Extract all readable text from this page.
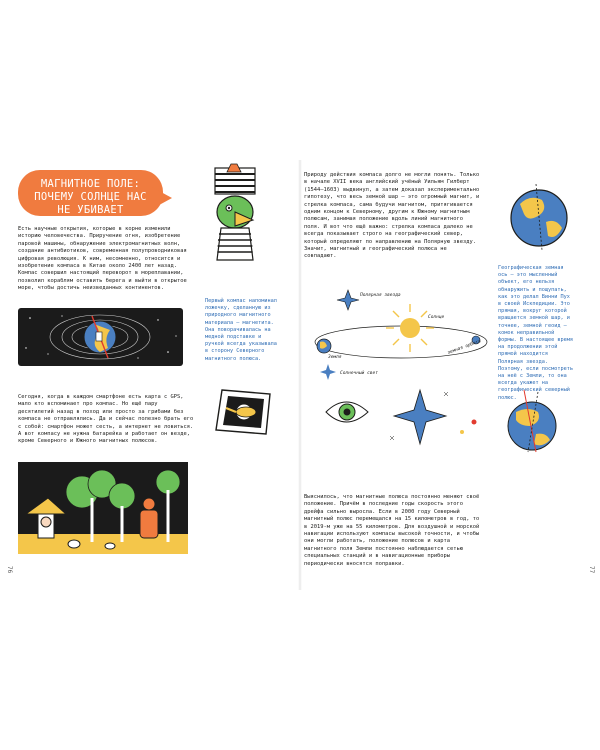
МАГНИТНОЕ ПОЛЕ: ПОЧЕМУ СОЛНЦЕ НАС НЕ УБИВАЕТ
Есть научные открытия, которые в корне изменили историю человечества. Приручение огня, изобретение паровой машины, обнаружение электромагнитных волн, создание антибиотиков, современная полупроводниковая цифровая революция. К ним, несомненно, относится и изобретение компаса в Китае около 2400 лет назад. Компас совершил настоящий переворот в мореплавании, позволил кораблям оставить берега и выйти в открытое море, чтобы достичь неизведанных континентов.
Первый компас напоминал ложечку, сделанную из природного магнитного материала — магнетита. Она поворачивалась на медной подставке и ручкой всегда указывала в сторону Северного магнитного полюса.
Сегодня, когда в каждом смартфоне есть карта с GPS, мало кто вспоминает про компас. Но ещё пару десятилетий назад в поход или просто за грибами без компаса не отправлялись. Да и сейчас полезно брать его с собой: смартфон может сесть, а интернет не ловиться. А вот компасу не нужна батарейка и работает он везде, кроме Северного и Южного магнитных полюсов.
76
Природу действия компаса долго не могли понять. Только в начале XVII века английский учёный Уильям Гилберт (1544–1603) выдвинул, а затем доказал экспериментально гипотезу, что весь земной шар — это огромный магнит, и стрелка компаса, сама будучи магнитом, притягивается одним концом к Северному, другим к Южному магнитным полюсам, занимая положение вдоль линий магнитного поля. И вот что ещё важно: стрелка компаса далеко не всегда показывает строго на географический север, который определяют по направлению на Полярную звезду. Значит, магнитный и географический полюса не совпадают.
Географическая земная ось — это мысленный объект, его нельзя обнаружить и пощупать, как это делал Винни Пух в своей Искпедиции. Это прямая, вокруг которой вращается земной шар, и точнее, земной геоид — комок неправильной формы. В настоящее время на продолжении этой прямой находится Полярная звезда. Поэтому, если посмотреть на неё с Земли, то она всегда укажет на географический северный полюс.
Полярная звезда
Солнце
Земля
земная орбита
Солнечный свет
Выяснилось, что магнитные полюса постоянно меняют своё положение. Причём в последние годы скорость этого дрейфа сильно выросла. Если в 2000 году Северный магнитный полюс перемещался на 15 километров в год, то в 2019-м уже на 55 километров. Для воздушной и морской навигации используют компасы высокой точности, и чтобы они могли работать, положение полюсов и карта магнитного поля Земли постоянно наблюдается сетью специальных станций и в навигационные приборы периодически вносятся поправки.
77
